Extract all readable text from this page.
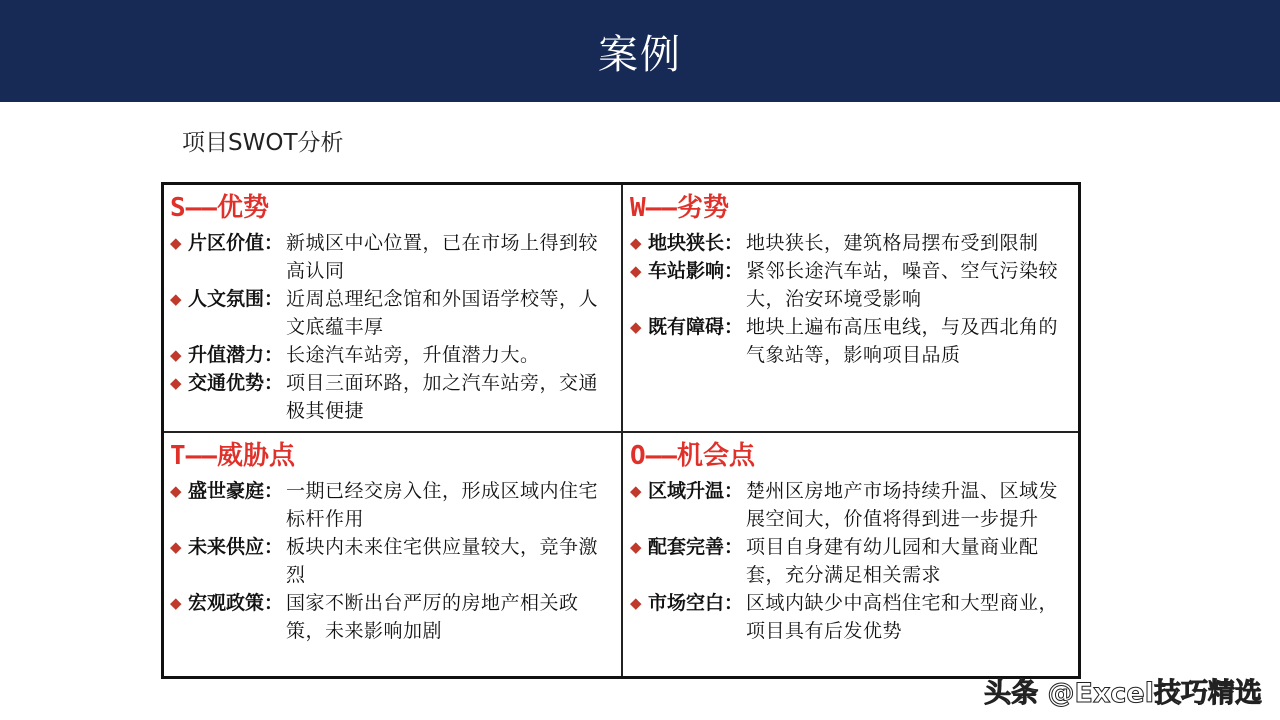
案例
项目SWOT分析
S——优势
◆ 片区价值： 新城区中心位置，已在市场上得到较高认同
◆ 人文氛围： 近周总理纪念馆和外国语学校等，人文底蕴丰厚
◆ 升值潜力： 长途汽车站旁，升值潜力大。
◆ 交通优势： 项目三面环路，加之汽车站旁，交通极其便捷
W——劣势
◆ 地块狭长： 地块狭长，建筑格局摆布受到限制
◆ 车站影响： 紧邻长途汽车站，噪音、空气污染较大，治安环境受影响
◆ 既有障碍： 地块上遍布高压电线，与及西北角的气象站等，影响项目品质
T——威胁点
◆ 盛世豪庭： 一期已经交房入住，形成区域内住宅标杆作用
◆ 未来供应： 板块内未来住宅供应量较大，竞争激烈
◆ 宏观政策： 国家不断出台严厉的房地产相关政策，未来影响加剧
O——机会点
◆ 区域升温： 楚州区房地产市场持续升温、区域发展空间大，价值将得到进一步提升
◆ 配套完善： 项目自身建有幼儿园和大量商业配套，充分满足相关需求
◆ 市场空白： 区域内缺少中高档住宅和大型商业，项目具有后发优势
头条 @Excel技巧精选
